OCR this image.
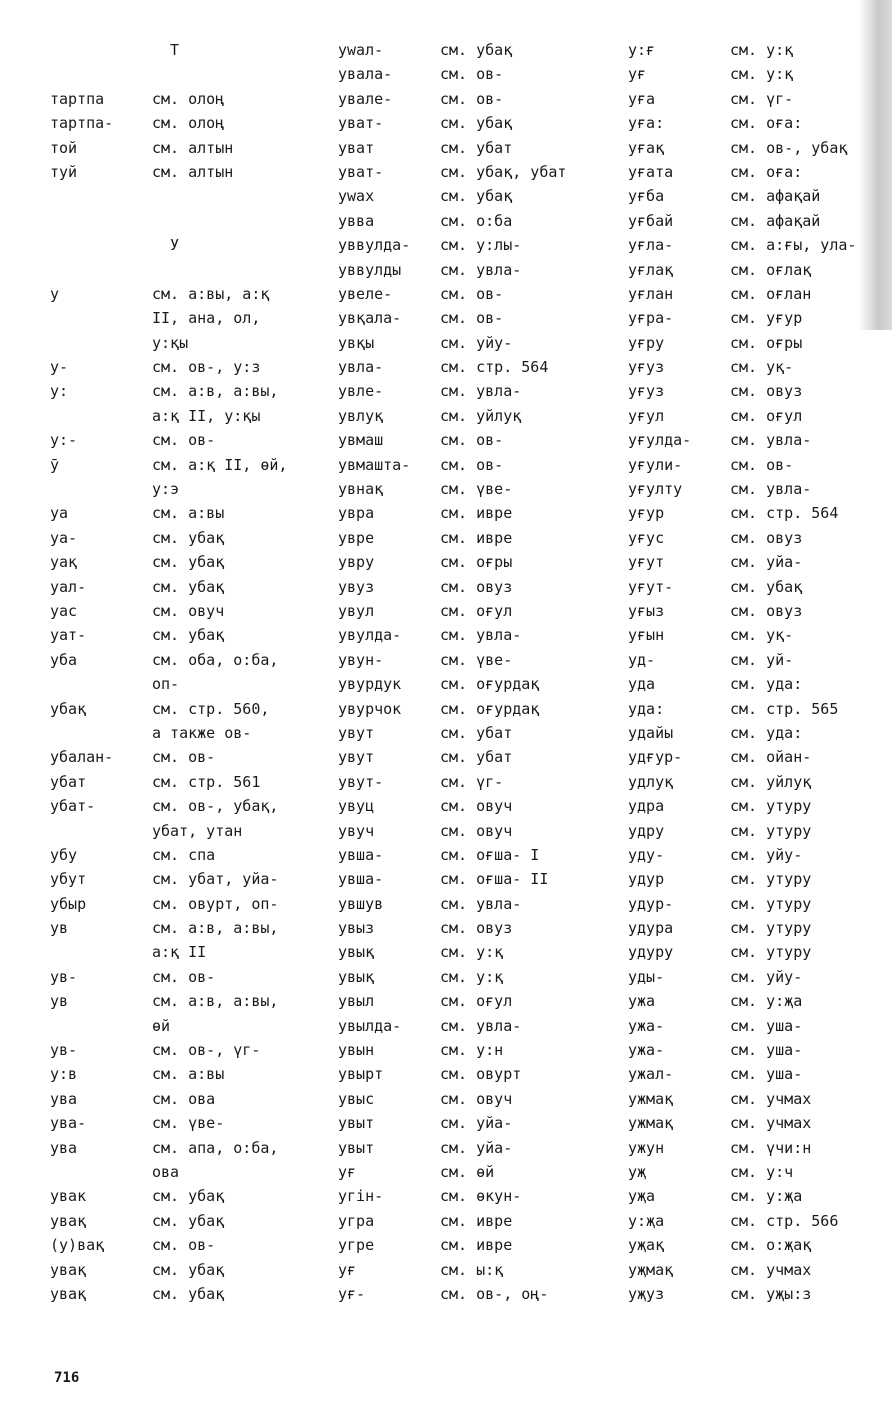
Т
тартпа	см. олоң
тартпа-	см. олоң
той	см. алтын
туй	см. алтын
У
у	см. а:вы, а:қ
II, ана, ол,
у:қы
у-	см. ов-, у:з
у:	см. а:в, а:вы,
а:қ II, у:қы
у:-	см. ов-
ӯ	см. а:қ II, өй,
у:э
уа	см. а:вы
уа-	см. убақ
уақ	см. убақ
уал-	см. убақ
уас	см. овуч
уат-	см. убақ
уба	см. оба, о:ба,
оп-
убақ	см. стр. 560,
а также ов-
убалан-	см. ов-
убат	см. стр. 561
убат-	см. ов-, убақ,
убат, утан
убу	см. спа
убут	см. убат, уйа-
убыр	см. овурт, оп-
ув	см. а:в, а:вы,
а:қ II
ув-	см. ов-
ув	см. а:в, а:вы,
өй
ув-	см. ов-, үг-
у:в	см. а:вы
ува	см. ова
ува-	см. үве-
ува	см. апа, о:ба,
ова
увак	см. убақ
увақ	см. убақ
(у)вақ	см. ов-
увақ	см. убақ
увақ	см. убақ
уwал-	см. убақ
увала-	см. ов-
увале-	см. ов-
уват-	см. убақ
уват	см. убат
уват-	см. убақ, убат
уwах	см. убақ
увва	см. о:ба
уввулда-	см. у:лы-
уввулды	см. увла-
увеле-	см. ов-
увқала-	см. ов-
увқы	см. уйу-
увла-	см. стр. 564
увле-	см. увла-
увлуқ	см. уйлуқ
увмаш	см. ов-
увмашта-	см. ов-
увнақ	см. үве-
увра	см. иврe
увре	см. иврe
увру	см. оғры
увуз	см. овуз
увул	см. оғул
увулда-	см. увла-
увун-	см. үве-
увурдук	см. оғурдақ
увурчок	см. оғурдақ
увут	см. убат
увут	см. убат
увут-	см. үг-
увуц	см. овуч
увуч	см. овуч
увша-	см. оғша- I
увша-	см. оғша- II
увшув	см. увла-
увыз	см. овуз
увық	см. у:қ
увық	см. у:қ
увыл	см. оғул
увылда-	см. увла-
увын	см. у:н
увырт	см. овурт
увыс	см. овуч
увыт	см. уйа-
увыт	см. уйа-
уғ	см. өй
угін-	см. өкун-
угра	см. иврe
угре	см. иврe
уғ	см. ы:қ
уғ-	см. ов-, оң-
у:ғ	см. у:қ
уғ	см. у:қ
уға	см. үг-
уға:	см. оға:
уғақ	см. ов-, убақ
уғата	см. оға:
уғба	см. афақай
уғбай	см. афақай
уғла-	см. а:ғы, ула-
уғлақ	см. оғлақ
уғлан	см. оғлан
уғра-	см. уғур
уғру	см. оғры
уғуз	см. уқ-
уғуз	см. овуз
уғул	см. оғул
уғулда-	см. увла-
уғули-	см. ов-
уғулту	см. увла-
уғур	см. стр. 564
уғус	см. овуз
уғут	см. уйа-
уғут-	см. убақ
уғыз	см. овуз
уғын	см. уқ-
уд-	см. уй-
уда	см. уда:
уда:	см. стр. 565
удайы	см. уда:
удғур-	см. ойан-
удлуқ	см. уйлуқ
удра	см. утуру
удру	см. утуру
уду-	см. уйу-
удур	см. утуру
удур-	см. утуру
удура	см. утуру
удуру	см. утуру
уды-	см. уйу-
ужа	см. у:җа
ужа-	см. уша-
ужа-	см. уша-
ужал-	см. уша-
ужмақ	см. учмах
ужмақ	см. учмах
ужун	см. үчи:н
уҗ	см. у:ч
уҗа	см. у:җа
у:җа	см. стр. 566
уҗақ	см. о:җақ
уҗмақ	см. учмах
уҗуз	см. уҗы:з
716
